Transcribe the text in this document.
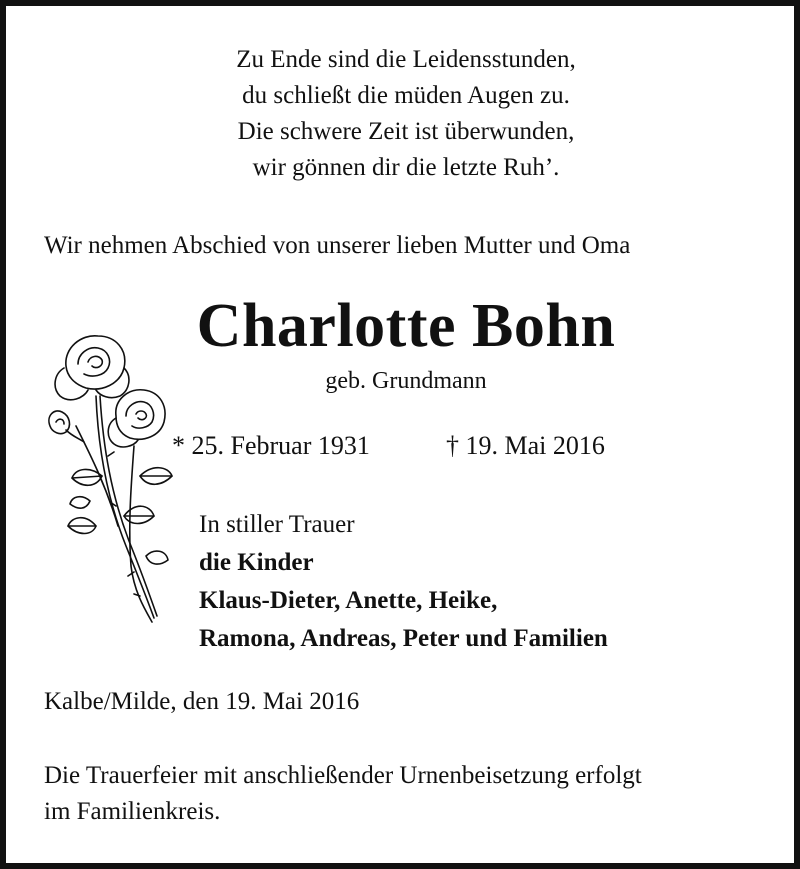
Zu Ende sind die Leidensstunden,
du schließt die müden Augen zu.
Die schwere Zeit ist überwunden,
wir gönnen dir die letzte Ruh’.
Wir nehmen Abschied von unserer lieben Mutter und Oma
Charlotte Bohn
geb. Grundmann
* 25. Februar 1931	† 19. Mai 2016
In stiller Trauer
die Kinder
Klaus-Dieter, Anette, Heike,
Ramona, Andreas, Peter und Familien
Kalbe/Milde, den 19. Mai 2016
Die Trauerfeier mit anschließender Urnenbeisetzung erfolgt
im Familienkreis.
